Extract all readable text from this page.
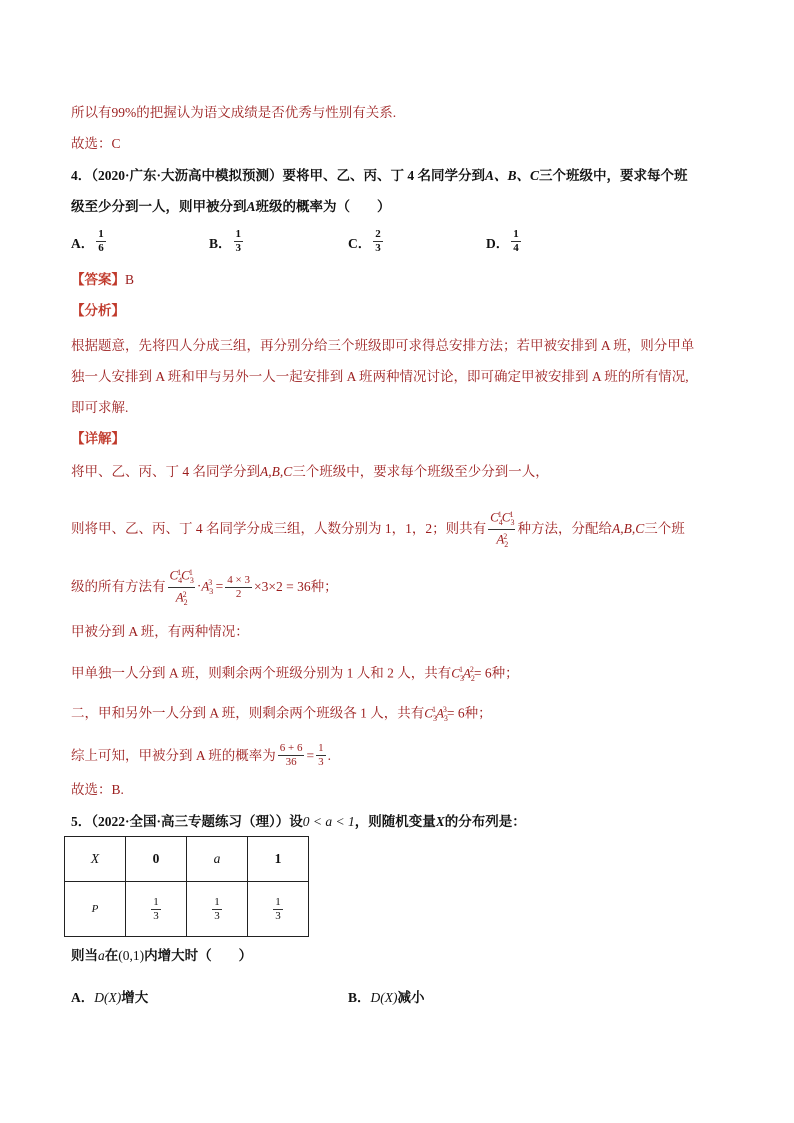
所以有99%的把握认为语文成绩是否优秀与性别有关系.
故选：C
4．（2020·广东·大沥高中模拟预测）要将甲、乙、丙、丁 4 名同学分到A、B、C三个班级中，要求每个班
级至少分到一人，则甲被分到A班级的概率为（　　）
A． $\frac{1}{6}$	B． $\frac{1}{3}$	C． $\frac{2}{3}$	D． $\frac{1}{4}$
【答案】B
【分析】
根据题意，先将四人分成三组，再分别分给三个班级即可求得总安排方法；若甲被安排到 A 班，则分甲单
独一人安排到 A 班和甲与另外一人一起安排到 A 班两种情况讨论，即可确定甲被安排到 A 班的所有情况,
即可求解.
【详解】
将甲、乙、丙、丁 4 名同学分到A,B,C三个班级中，要求每个班级至少分到一人，
则将甲、乙、丙、丁 4 名同学分成三组，人数分别为 1，1，2；则共有 $\frac{C_4^1C_3^1}{A_2^2}$ 种方法，分配给 A,B,C 三个班
级的所有方法有 $\frac{C_4^1C_3^1}{A_2^2} \cdot A_3^3 = \frac{4 \times 3}{2} \times 3\times 2 = 36$种；
甲被分到 A 班，有两种情况：
甲单独一人分到 A 班，则剩余两个班级分别为 1 人和 2 人，共有$C_3^1A_2^2= 6$种；
二，甲和另外一人分到 A 班，则剩余两个班级各 1 人，共有$C_3^1A_3^3= 6$种；
综上可知，甲被分到 A 班的概率为 $\frac{6 + 6}{36} = \frac{1}{3}$ .
故选：B.
5．（2022·全国·高三专题练习（理））设0 < a < 1，则随机变量X的分布列是：
X	0	a	1
P	$\frac{1}{3}$	$\frac{1}{3}$	$\frac{1}{3}$
则当a在(0,1)内增大时（　　）
A．D(X)增大	B．D(X)减小
